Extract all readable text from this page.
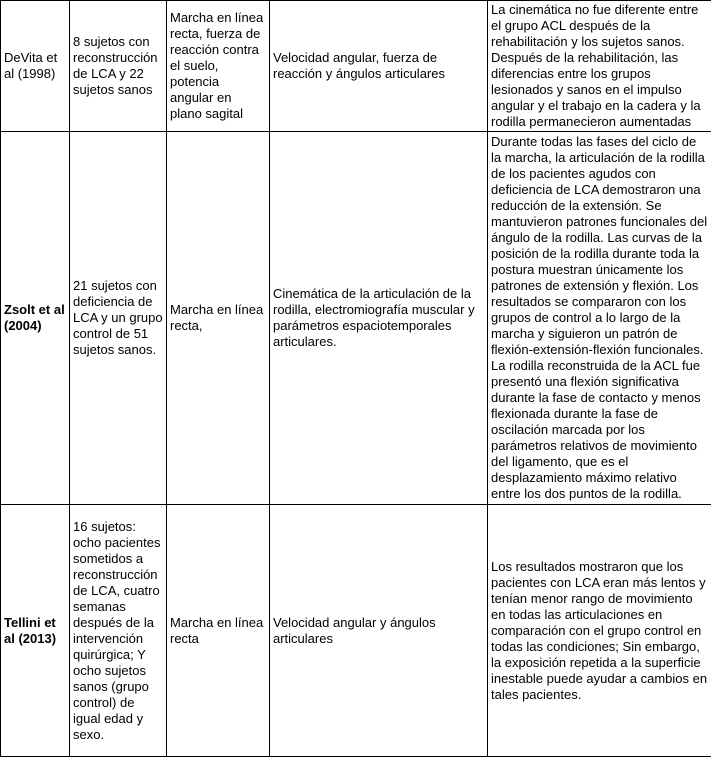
DeVita et al (1998)	8 sujetos con reconstrucción de LCA y 22 sujetos sanos	Marcha en línea recta, fuerza de reacción contra el suelo, potencia angular en plano sagital	Velocidad angular, fuerza de reacción y ángulos articulares	La cinemática no fue diferente entre el grupo ACL después de la rehabilitación y los sujetos sanos. Después de la rehabilitación, las diferencias entre los grupos lesionados y sanos en el impulso angular y el trabajo en la cadera y la rodilla permanecieron aumentadas

Zsolt et al (2004)	21 sujetos con deficiencia de LCA y un grupo control de 51 sujetos sanos.	Marcha en línea recta,	Cinemática de la articulación de la rodilla, electromiografía muscular y parámetros espaciotemporales articulares.	Durante todas las fases del ciclo de la marcha, la articulación de la rodilla de los pacientes agudos con deficiencia de LCA demostraron una reducción de la extensión. Se mantuvieron patrones funcionales del ángulo de la rodilla. Las curvas de la posición de la rodilla durante toda la postura muestran únicamente los patrones de extensión y flexión. Los resultados se compararon con los grupos de control a lo largo de la marcha y siguieron un patrón de flexión-extensión-flexión funcionales. La rodilla reconstruida de la ACL fue presentó una flexión significativa durante la fase de contacto y menos flexionada durante la fase de oscilación marcada por los parámetros relativos de movimiento del ligamento, que es el desplazamiento máximo relativo entre los dos puntos de la rodilla.

Tellini et al (2013)	16 sujetos: ocho pacientes sometidos a reconstrucción de LCA, cuatro semanas después de la intervención quirúrgica; Y ocho sujetos sanos (grupo control) de igual edad y sexo.	Marcha en línea recta	Velocidad angular y ángulos articulares	Los resultados mostraron que los pacientes con LCA eran más lentos y tenían menor rango de movimiento en todas las articulaciones en comparación con el grupo control en todas las condiciones; Sin embargo, la exposición repetida a la superficie inestable puede ayudar a cambios en tales pacientes.
